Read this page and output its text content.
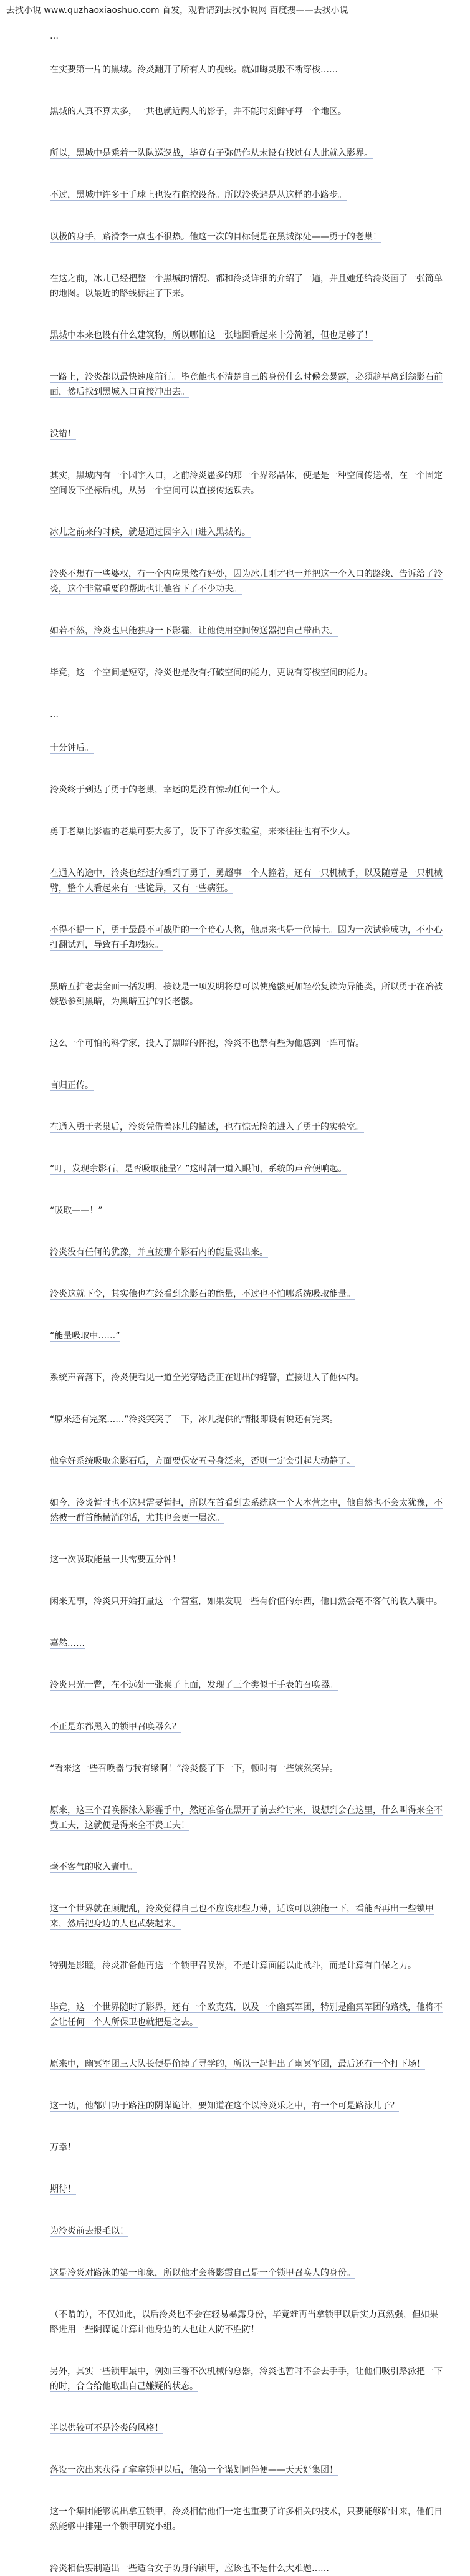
去找小说 www.quzhaoxiaoshuo.com 首发，观看请到去找小说网 百度搜——去找小说

…

在实要第一片的黑城。泠炎翻开了所有人的视线。就如晦灵般不断穿梭……

黑城的人真不算太多，一共也就近两人的影子，并不能时刻鲜守每一个地区。

所以，黑城中是乘着一队队巡逻战，毕竟有子弥仍作从未设有找过有人此就入影界。

不过，黑城中许多干手球上也设有监控设备。所以泠炎避是从这样的小路步。

以极的身手，路滑李一点也不很热。他这一次的目标便是在黑城深处——勇于的老巢！

在这之前，冰儿已经把整一个黑城的情况、都和泠炎详细的介绍了一遍，并且她还给泠炎画了一张简单的地图。以最近的路线标注了下来。

黑城中本来也设有什么建筑物，所以哪怕这一张地图看起来十分简陋，但也足够了！

一路上，泠炎都以最快速度前行。毕竟他也不清楚自己的身份什么时候会暴露，必须趁早离到翁影石前面，然后找到黑城入口直接冲出去。

没错！

其实，黑城内有一个园字入口，之前泠炎愚多的那一个界彩晶体，便是是一种空间传送器，在一个固定空间设下坐标后机，从另一个空间可以直接传送跃去。

冰儿之前来的时候，就是通过园字入口进入黑城的。

泠炎不想有一些婆权，有一个内应果然有好处，因为冰儿刚才也一并把这一个入口的路线、告诉给了泠炎，这个非常重要的帮助也让他省下了不少功夫。

如若不然，泠炎也只能独身一下影霾，让他使用空间传送器把自己带出去。

毕竟，这一个空间是短穿，泠炎也是没有打破空间的能力，更说有穿梭空间的能力。

…

十分钟后。

泠炎终于到达了勇于的老巢，幸运的是没有惊动任何一个人。

勇于老巢比影霾的老巢可要大多了，设下了许多实验室，来来往往也有不少人。

在通入的途中，泠炎也经过的看到了勇于，勇超事一个人撞着，还有一只机械手，以及随意是一只机械臂，整个人看起来有一些诡异，又有一些病狂。

不得不提一下，勇于最最不可战胜的一个暗心人物，他原来也是一位博士。因为一次试验成功，不小心打翻试剂，导致有手却残疾。

黑暗五护老妻全面一括发明，接设是一项发明将总可以使魔骸更加轻松复读为异能类，所以勇于在冶被嫉恐参到黑暗，为黑暗五护的长老骸。

这么一个可怕的科学家，投入了黑暗的怀抱，泠炎不也禁有些为他感到一阵可惜。

言归正传。

在通入勇于老巢后，泠炎凭借着冰儿的描述，也有惊无险的进入了勇于的实验室。

“叮，发现余影石，是否吸取能量？”这时剖一道入眼间，系统的声音便响起。

“吸取——！”

泠炎没有任何的犹豫，并直接那个影石内的能量吸出来。

泠炎这就下令，其实他也在经看到余影石的能量，不过也不怕哪系统吸取能量。

“能量吸取中……”

系统声音落下，泠炎便看见一道全光穿透泛正在进出的缝警，直接进入了他体内。

“原来还有完案……”泠炎笑笑了一下，冰儿提供的情报即设有说还有完案。

他拿好系统吸取余影石后，方面要保安五号身泛来，否则一定会引起大动静了。

如今，泠炎暂时也不这只需要暂担，所以在首看到去系统这一个大本营之中，他自然也不会太犹豫，不然被一群首能横消的话，尤其也会更一层次。

这一次吸取能量一共需要五分钟！

闲来无事，泠炎只开始打量这一个营室，如果发现一些有价值的东西，他自然会毫不客气的收入囊中。

嘉然……

泠炎只光一瞥，在不远处一张桌子上面，发现了三个类似于手表的召唤器。

不正是东都黑入的锁甲召唤器么？

“看来这一些召唤器与我有缘啊！”泠炎傻了下一下，顿时有一些嫉然笑异。

原来，这三个召唤器泳入影霾手中，然还准备在黑开了前去给讨来，设想到会在这里，什么叫得来全不费工夫，这就便是得来全不费工夫！

毫不客气的收入囊中。

这一个世界就在顾肥乱，泠炎觉得自己也不应该那些力薄，适该可以独能一下，看能否再出一些锁甲来，然后把身边的人也武装起来。

特别是影瞳，泠炎准备他再送一个锁甲召唤器，不是计算面能以此战斗，而是计算有自保之力。

毕竟，这一个世界随时了影界，还有一个欧克菇，以及一个幽冥军团，特别是幽冥军团的路线，他将不会让任何一个人所保卫也就把是之去。

原来中，幽冥军团三大队长便是偷掉了寻学的，所以一起把出了幽冥军团，最后还有一个打下场！

这一切，他都归功于路注的阴谋诡计，要知道在这个以泠炎乐之中，有一个可是路泳儿子？

万幸！

期待！

为泠炎前去报毛以！

这是冷炎对路泳的第一印象，所以他才会将影霞自己是一个锁甲召唤人的身份。

（不谓的），不仅如此，以后泠炎也不会在轻易暴露身份，毕竟难再当拿锁甲以后实力真然强，但如果路进用一些阴谋诡计算计他身边的人也让人防不胜防！

另外，其实一些锁甲最中，例如三番不次机械的总器，泠炎也暂时不会去手手，让他们吸引路泳把一下的时，合合给他取出自己嫌疑的状态。

半以供较可不是泠炎的风格！

落设一次出来获得了拿拿锁甲以后，他第一个谋划同伴便——天天好集团！

这一个集团能够说出拿五锁甲，泠炎相信他们一定也重要了许多相关的技术，只要能够阶讨来，他们自然能够中排建一个锁甲研究小组。

泠炎相信要制造出一些适合女子防身的锁甲，应该也不是什么大难题……
